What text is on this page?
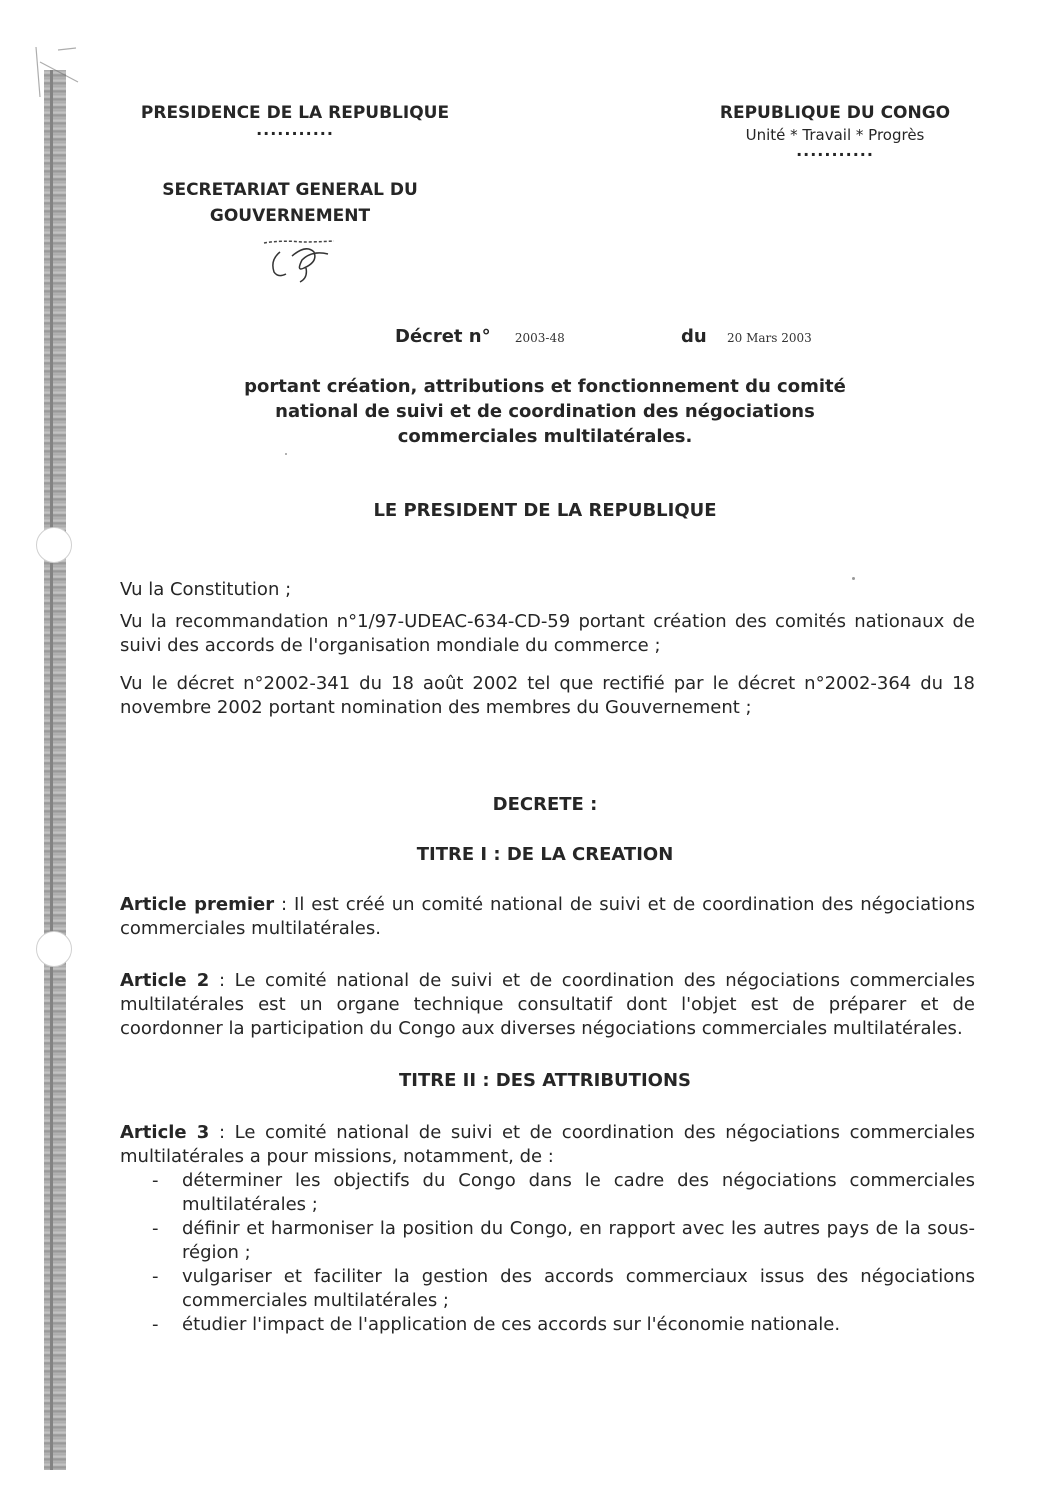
PRESIDENCE DE LA REPUBLIQUE
...........
REPUBLIQUE DU CONGO
Unité * Travail * Progrès
...........
SECRETARIAT GENERAL DU
GOUVERNEMENT
Décret n° 2003-48	du 20 Mars 2003
portant création, attributions et fonctionnement du comité
national de suivi et de coordination des négociations
commerciales multilatérales.
LE PRESIDENT DE LA REPUBLIQUE
Vu la Constitution ;
Vu la recommandation n°1/97-UDEAC-634-CD-59 portant création des comités nationaux de suivi des accords de l'organisation mondiale du commerce ;
Vu le décret n°2002-341 du 18 août 2002 tel que rectifié par le décret n°2002-364 du 18 novembre 2002 portant nomination des membres du Gouvernement ;
DECRETE :
TITRE I : DE LA CREATION
Article premier : Il est créé un comité national de suivi et de coordination des négociations commerciales multilatérales.
Article 2 : Le comité national de suivi et de coordination des négociations commerciales multilatérales est un organe technique consultatif dont l'objet est de préparer et de coordonner la participation du Congo aux diverses négociations commerciales multilatérales.
TITRE II : DES ATTRIBUTIONS
Article 3 : Le comité national de suivi et de coordination des négociations commerciales multilatérales a pour missions, notamment, de :
- déterminer les objectifs du Congo dans le cadre des négociations commerciales multilatérales ;
- définir et harmoniser la position du Congo, en rapport avec les autres pays de la sous-région ;
- vulgariser et faciliter la gestion des accords commerciaux issus des négociations commerciales multilatérales ;
- étudier l'impact de l'application de ces accords sur l'économie nationale.
